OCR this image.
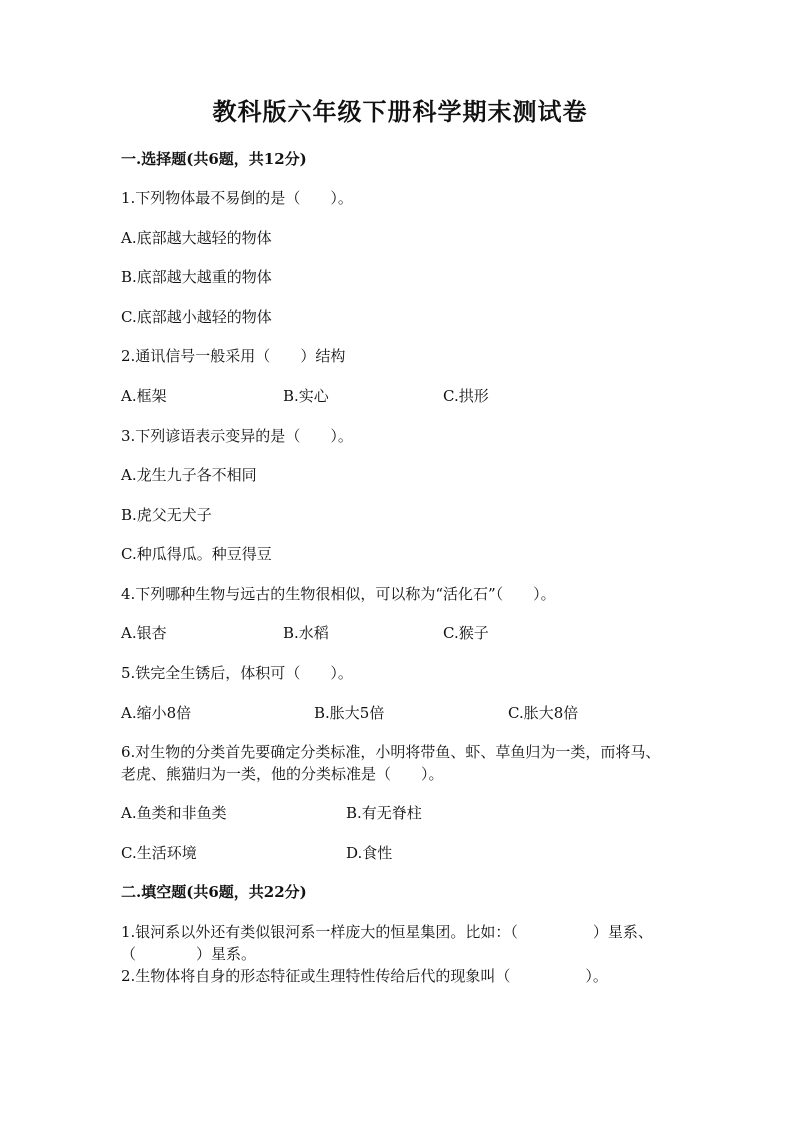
教科版六年级下册科学期末测试卷
一.选择题(共6题，共12分)
1.下列物体最不易倒的是（　　）。
A.底部越大越轻的物体
B.底部越大越重的物体
C.底部越小越轻的物体
2.通讯信号一般采用（　　）结构
A.框架	B.实心	C.拱形
3.下列谚语表示变异的是（　　）。
A.龙生九子各不相同
B.虎父无犬子
C.种瓜得瓜。种豆得豆
4.下列哪种生物与远古的生物很相似，可以称为“活化石”（　　）。
A.银杏	B.水稻	C.猴子
5.铁完全生锈后，体积可（　　）。
A.缩小8倍	B.胀大5倍	C.胀大8倍
6.对生物的分类首先要确定分类标准，小明将带鱼、虾、草鱼归为一类，而将马、老虎、熊猫归为一类，他的分类标准是（　　）。
A.鱼类和非鱼类	B.有无脊柱
C.生活环境	D.食性
二.填空题(共6题，共22分)
1.银河系以外还有类似银河系一样庞大的恒星集团。比如：（　　　　　）星系、（　　　　）星系。
2.生物体将自身的形态特征或生理特性传给后代的现象叫（　　　　　）。
